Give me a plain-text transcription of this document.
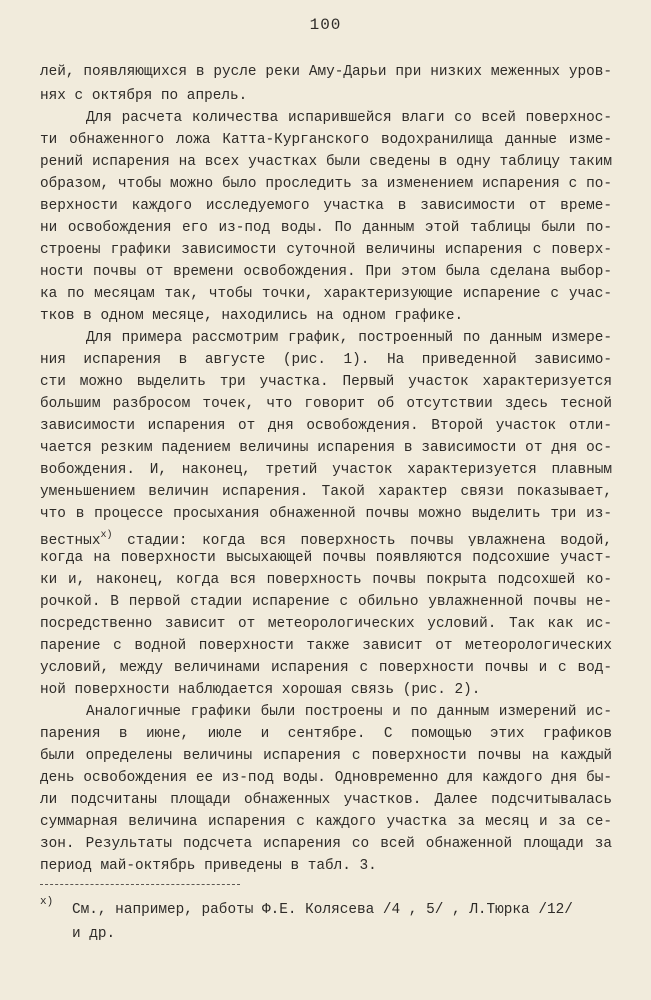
100
лей, появляющихся в русле реки Аму-Дарьи при низких меженных уров-
нях с октября по апрель.
Для расчета количества испарившейся влаги со всей поверхнос-
ти обнаженного ложа Катта-Курганского водохранилища данные изме-
рений испарения на всех участках были сведены в одну таблицу таким
образом, чтобы можно было проследить за изменением испарения с по-
верхности каждого исследуемого участка в зависимости от време-
ни освобождения его из-под воды. По данным этой таблицы были по-
строены графики зависимости суточной величины испарения с поверх-
ности почвы от времени освобождения. При этом была сделана выбор-
ка по месяцам так, чтобы точки, характеризующие испарение с учас-
тков в одном месяце, находились на одном графике.
Для примера рассмотрим график, построенный по данным измере-
ния испарения в августе (рис. 1). На приведенной зависимо-
сти можно выделить три участка. Первый участок характеризуется
большим разбросом точек, что говорит об отсутствии здесь тесной
зависимости испарения от дня освобождения. Второй участок отли-
чается резким падением величины испарения в зависимости от дня ос-
вобождения. И, наконец, третий участок характеризуется плавным
уменьшением величин испарения. Такой характер связи показывает,
что в процессе просыхания обнаженной почвы можно выделить три из-
вестных$^{x)}$ стадии: когда вся поверхность почвы увлажнена водой,
когда на поверхности высыхающей почвы появляются подсохшие участ-
ки и, наконец, когда вся поверхность почвы покрыта подсохшей ко-
рочкой. В первой стадии испарение с обильно увлажненной почвы не-
посредственно зависит от метеорологических условий. Так как ис-
парение с водной поверхности также зависит от метеорологических
условий, между величинами испарения с поверхности почвы и с вод-
ной поверхности наблюдается хорошая связь (рис. 2).
Аналогичные графики были построены и по данным измерений ис-
парения в июне, июле и сентябре. С помощью этих графиков
были определены величины испарения с поверхности почвы на каждый
день освобождения ее из-под воды. Одновременно для каждого дня бы-
ли подсчитаны площади обнаженных участков. Далее подсчитывалась
суммарная величина испарения с каждого участка за месяц и за се-
зон. Результаты подсчета испарения со всей обнаженной площади за
период май-октябрь приведены в табл. 3.
x) См., например, работы Ф.Е. Колясева /4 , 5/ , Л.Тюрка /12/
и др.
